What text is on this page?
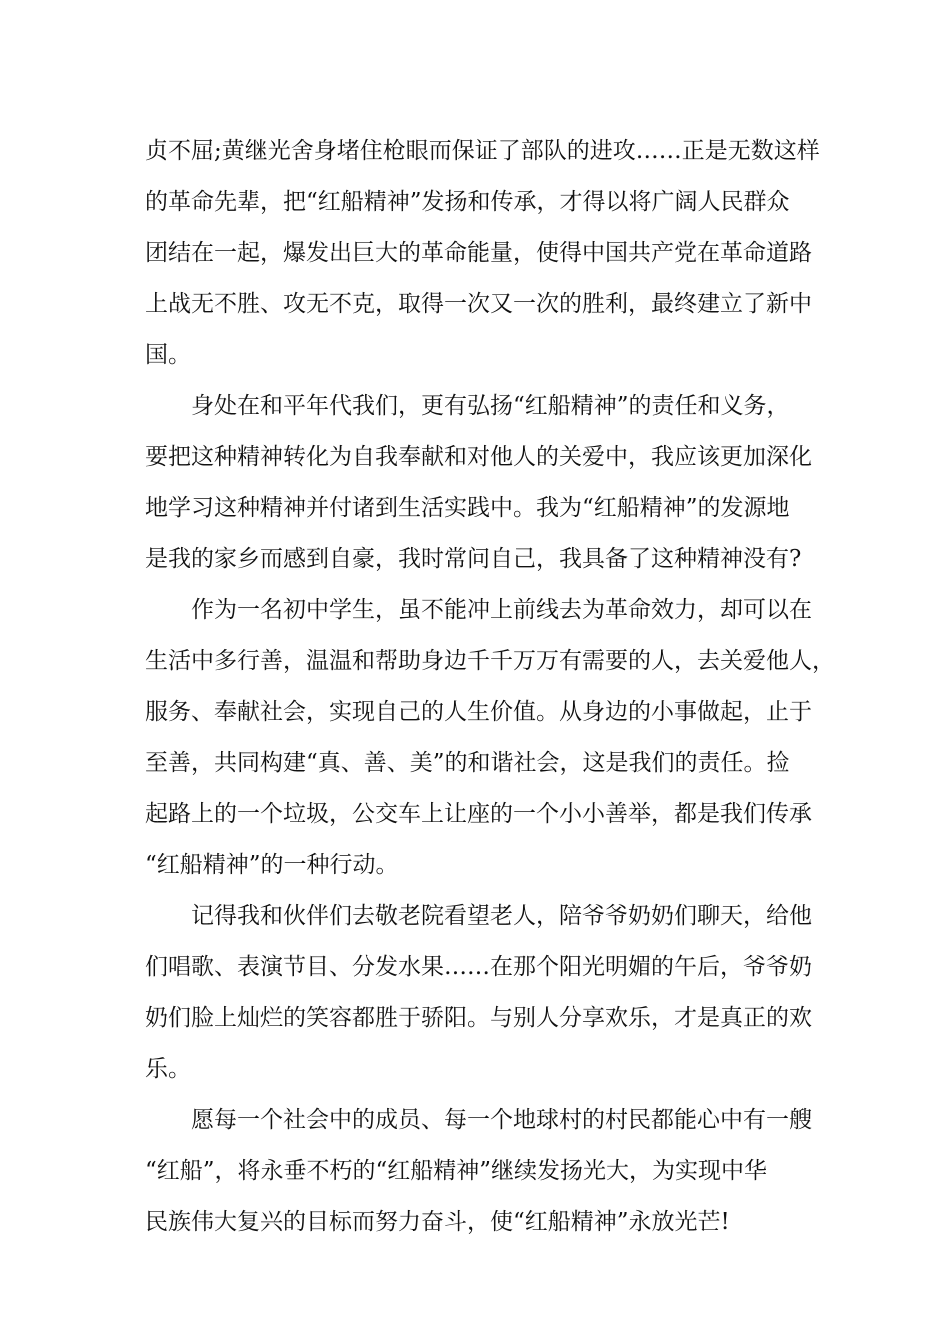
贞不屈;黄继光舍身堵住枪眼而保证了部队的进攻……正是无数这样
的革命先辈，把“红船精神”发扬和传承，才得以将广阔人民群众
团结在一起，爆发出巨大的革命能量，使得中国共产党在革命道路
上战无不胜、攻无不克，取得一次又一次的胜利，最终建立了新中
国。
身处在和平年代我们，更有弘扬“红船精神”的责任和义务，
要把这种精神转化为自我奉献和对他人的关爱中，我应该更加深化
地学习这种精神并付诸到生活实践中。我为“红船精神”的发源地
是我的家乡而感到自豪，我时常问自己，我具备了这种精神没有?
作为一名初中学生，虽不能冲上前线去为革命效力，却可以在
生活中多行善，温温和帮助身边千千万万有需要的人，去关爱他人，
服务、奉献社会，实现自己的人生价值。从身边的小事做起，止于
至善，共同构建“真、善、美”的和谐社会，这是我们的责任。捡
起路上的一个垃圾，公交车上让座的一个小小善举，都是我们传承
“红船精神”的一种行动。
记得我和伙伴们去敬老院看望老人，陪爷爷奶奶们聊天，给他
们唱歌、表演节目、分发水果……在那个阳光明媚的午后，爷爷奶
奶们脸上灿烂的笑容都胜于骄阳。与别人分享欢乐，才是真正的欢
乐。
愿每一个社会中的成员、每一个地球村的村民都能心中有一艘
“红船”，将永垂不朽的“红船精神”继续发扬光大，为实现中华
民族伟大复兴的目标而努力奋斗，使“红船精神”永放光芒!
